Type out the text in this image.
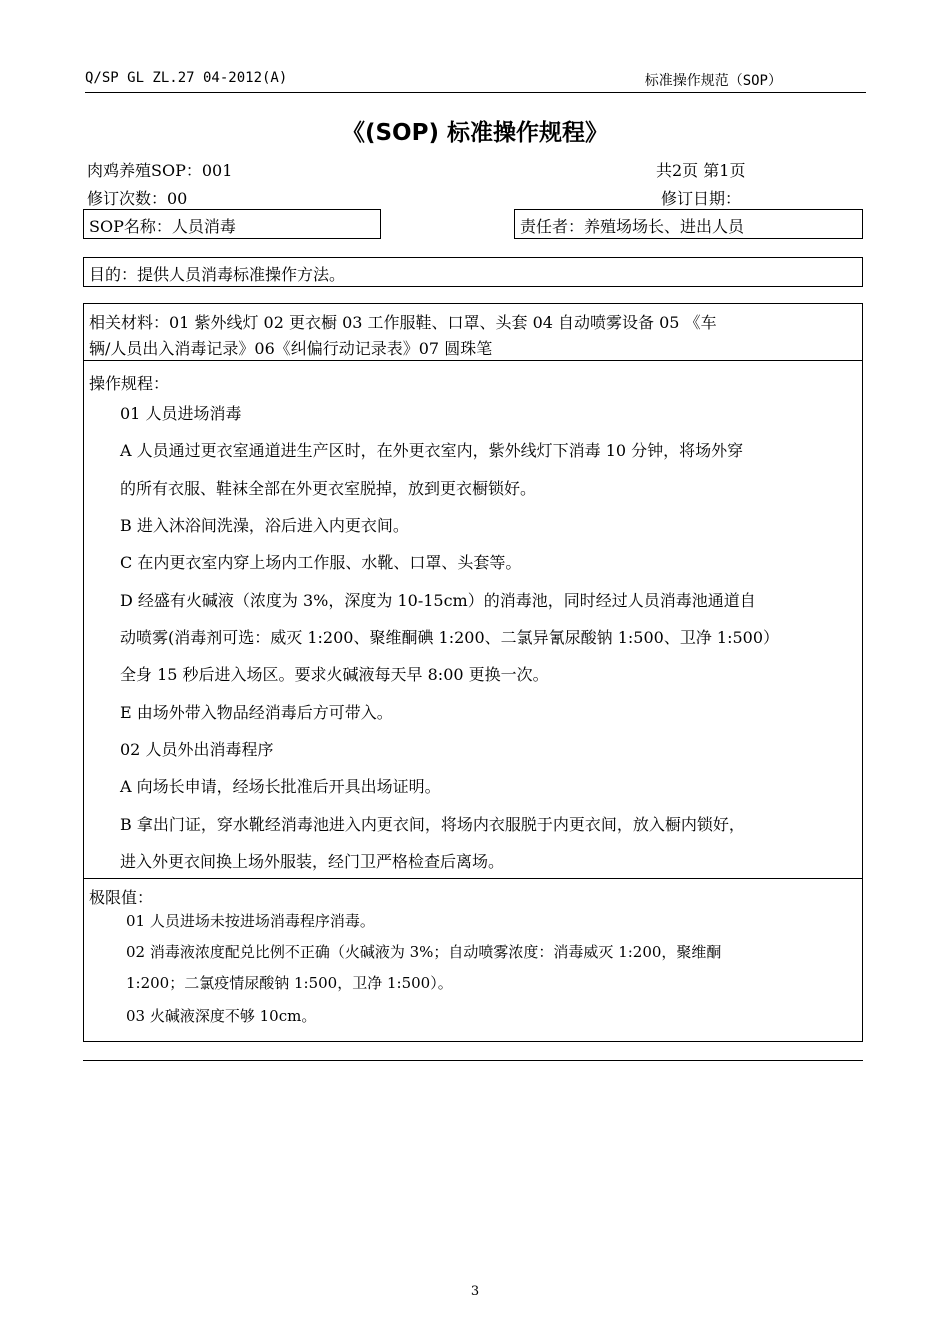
Q/SP GL ZL.27 04-2012(A)	标准操作规范（SOP）
《(SOP) 标准操作规程》
肉鸡养殖SOP：001	共2页 第1页
修订次数：00	修订日期：
SOP名称：人员消毒	责任者：养殖场场长、进出人员
目的：提供人员消毒标准操作方法。
相关材料：01 紫外线灯 02 更衣橱 03 工作服鞋、口罩、头套 04 自动喷雾设备 05 《车
辆/人员出入消毒记录》06《纠偏行动记录表》07 圆珠笔
操作规程：
01 人员进场消毒
A 人员通过更衣室通道进生产区时，在外更衣室内，紫外线灯下消毒 10 分钟，将场外穿
的所有衣服、鞋袜全部在外更衣室脱掉，放到更衣橱锁好。
B 进入沐浴间洗澡，浴后进入内更衣间。
C 在内更衣室内穿上场内工作服、水靴、口罩、头套等。
D 经盛有火碱液（浓度为 3%，深度为 10-15cm）的消毒池，同时经过人员消毒池通道自
动喷雾(消毒剂可选：威灭 1:200、聚维酮碘 1:200、二氯异氰尿酸钠 1:500、卫净 1:500）
全身 15 秒后进入场区。要求火碱液每天早 8:00 更换一次。
E 由场外带入物品经消毒后方可带入。
02 人员外出消毒程序
A 向场长申请，经场长批准后开具出场证明。
B 拿出门证，穿水靴经消毒池进入内更衣间，将场内衣服脱于内更衣间，放入橱内锁好，
进入外更衣间换上场外服装，经门卫严格检查后离场。
极限值：
01 人员进场未按进场消毒程序消毒。
02 消毒液浓度配兑比例不正确（火碱液为 3%；自动喷雾浓度：消毒威灭 1:200，聚维酮
1:200；二氯疫情尿酸钠 1:500，卫净 1:500）。
03 火碱液深度不够 10cm。
3
